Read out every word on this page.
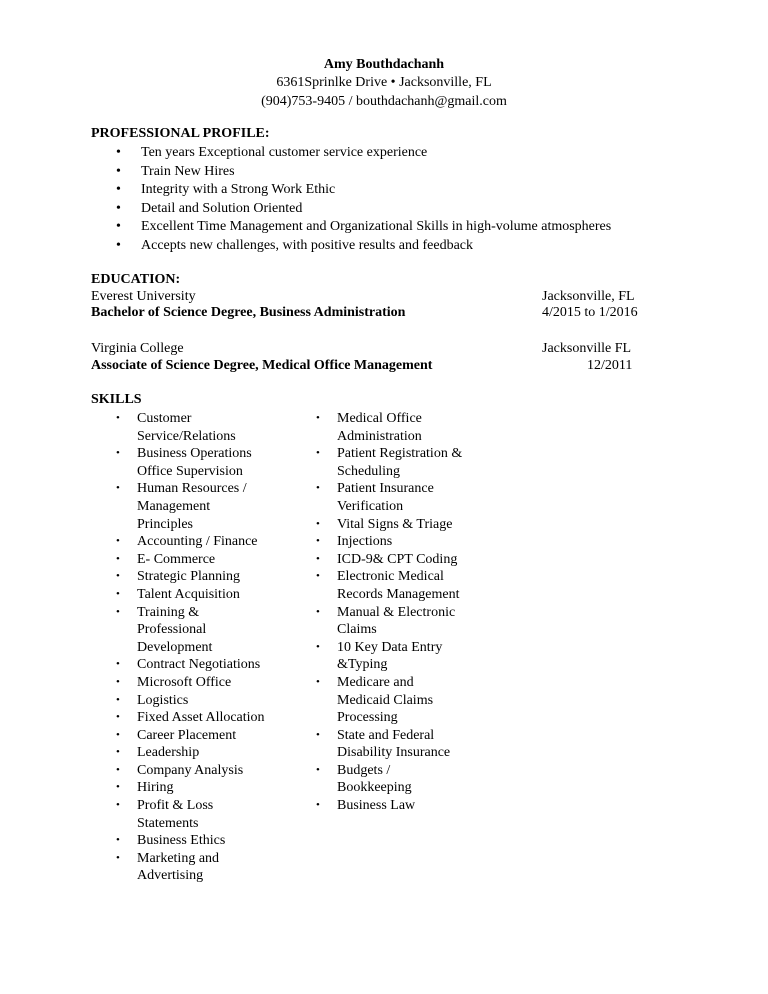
Amy Bouthdachanh
6361Sprinlke Drive • Jacksonville, FL
(904)753-9405 / bouthdachanh@gmail.com
PROFESSIONAL PROFILE:
• Ten years Exceptional customer service experience
• Train New Hires
• Integrity with a Strong Work Ethic
• Detail and Solution Oriented
• Excellent Time Management and Organizational Skills in high-volume atmospheres
• Accepts new challenges, with positive results and feedback
EDUCATION:
Everest University	Jacksonville, FL
Bachelor of Science Degree, Business Administration	4/2015 to 1/2016
Virginia College	Jacksonville FL
Associate of Science Degree, Medical Office Management	12/2011
SKILLS
• Customer
Service/Relations
• Business Operations
Office Supervision
• Human Resources /
Management
Principles
• Accounting / Finance
• E- Commerce
• Strategic Planning
• Talent Acquisition
• Training &
Professional
Development
• Contract Negotiations
• Microsoft Office
• Logistics
• Fixed Asset Allocation
• Career Placement
• Leadership
• Company Analysis
• Hiring
• Profit & Loss
Statements
• Business Ethics
• Marketing and
Advertising
• Medical Office
Administration
• Patient Registration &
Scheduling
• Patient Insurance
Verification
• Vital Signs & Triage
• Injections
• ICD-9& CPT Coding
• Electronic Medical
Records Management
• Manual & Electronic
Claims
• 10 Key Data Entry
&Typing
• Medicare and
Medicaid Claims
Processing
• State and Federal
Disability Insurance
• Budgets /
Bookkeeping
• Business Law
